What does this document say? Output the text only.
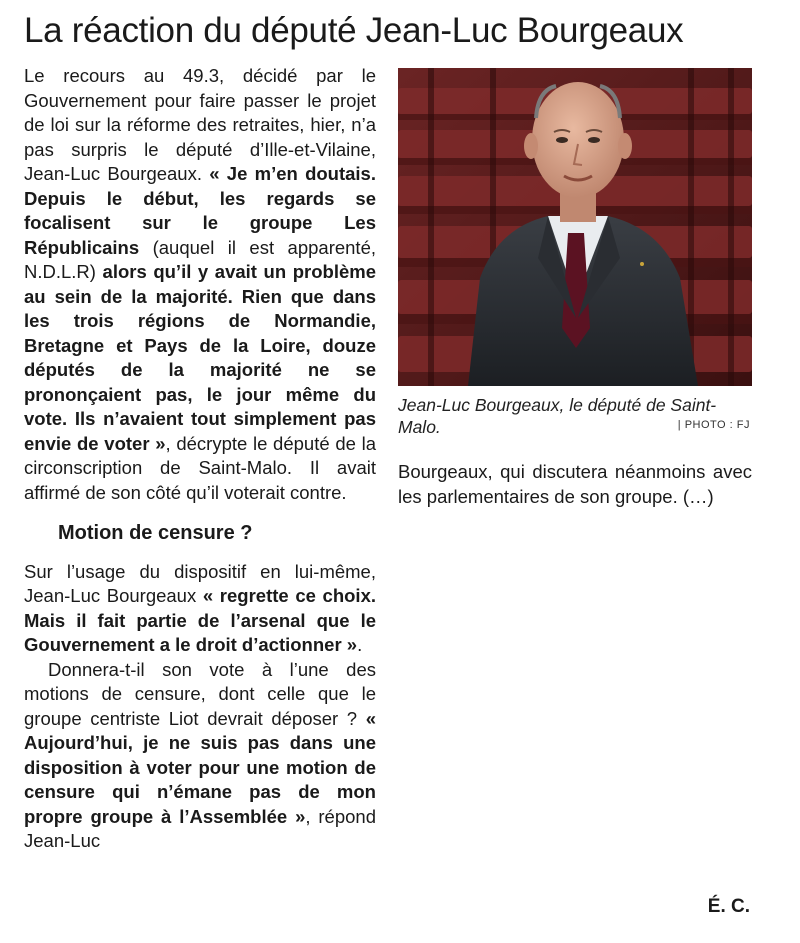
La réaction du député Jean-Luc Bourgeaux

Le recours au 49.3, décidé par le Gouvernement pour faire passer le projet de loi sur la réforme des retraites, hier, n’a pas surpris le député d’Ille-et-Vilaine, Jean-Luc Bourgeaux. « Je m’en doutais. Depuis le début, les regards se focalisent sur le groupe Les Républicains (auquel il est apparenté, N.D.L.R) alors qu’il y avait un problème au sein de la majorité. Rien que dans les trois régions de Normandie, Bretagne et Pays de la Loire, douze députés de la majorité ne se prononçaient pas, le jour même du vote. Ils n’avaient tout simplement pas envie de voter », décrypte le député de la circonscription de Saint-Malo. Il avait affirmé de son côté qu’il voterait contre.

Motion de censure ?

Sur l’usage du dispositif en lui-même, Jean-Luc Bourgeaux « regrette ce choix. Mais il fait partie de l’arsenal que le Gouvernement a le droit d’actionner ».

Donnera-t-il son vote à l’une des motions de censure, dont celle que le groupe centriste Liot devrait déposer ? « Aujourd’hui, je ne suis pas dans une disposition à voter pour une motion de censure qui n’émane pas de mon propre groupe à l’Assemblée », répond Jean-Luc

Jean-Luc Bourgeaux, le député de Saint-Malo.	| PHOTO : FJ

Bourgeaux, qui discutera néanmoins avec les parlementaires de son groupe. (…)

É. C.
